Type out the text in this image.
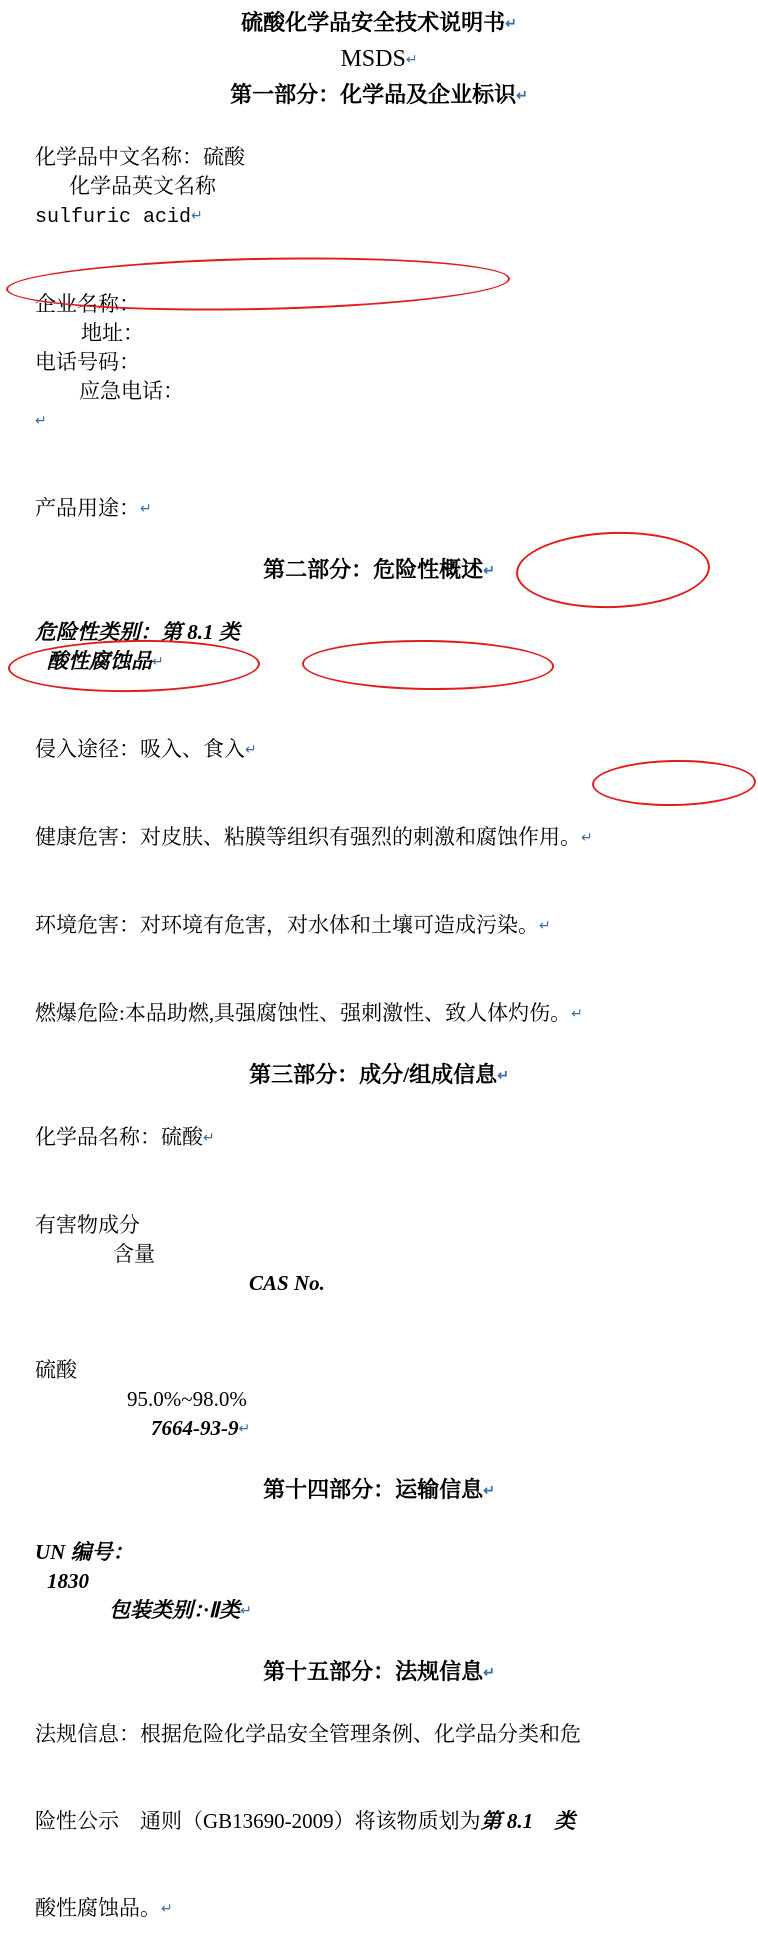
硫酸化学品安全技术说明书↵
MSDS↵
第一部分：化学品及企业标识↵

化学品中文名称：硫酸
化学品英文名称
sulfuric acid↵

企业名称：
地址：
电话号码：
应急电话：
↵

产品用途：↵

第二部分：危险性概述↵

危险性类别：第 8.1 类
酸性腐蚀品↵

侵入途径：吸入、食入↵

健康危害：对皮肤、粘膜等组织有强烈的刺激和腐蚀作用。↵

环境危害：对环境有危害，对水体和土壤可造成污染。↵

燃爆危险:本品助燃,具强腐蚀性、强刺激性、致人体灼伤。↵

第三部分：成分/组成信息↵

化学品名称：硫酸↵

有害物成分
含量
CAS No.

硫酸
95.0%~98.0%
7664-93-9↵

第十四部分：运输信息↵

UN 编号：
1830
包装类别：·Ⅱ类↵

第十五部分：法规信息↵

法规信息：根据危险化学品安全管理条例、化学品分类和危

险性公示　通则（GB13690-2009）将该物质划为第 8.1　类

酸性腐蚀品。↵
